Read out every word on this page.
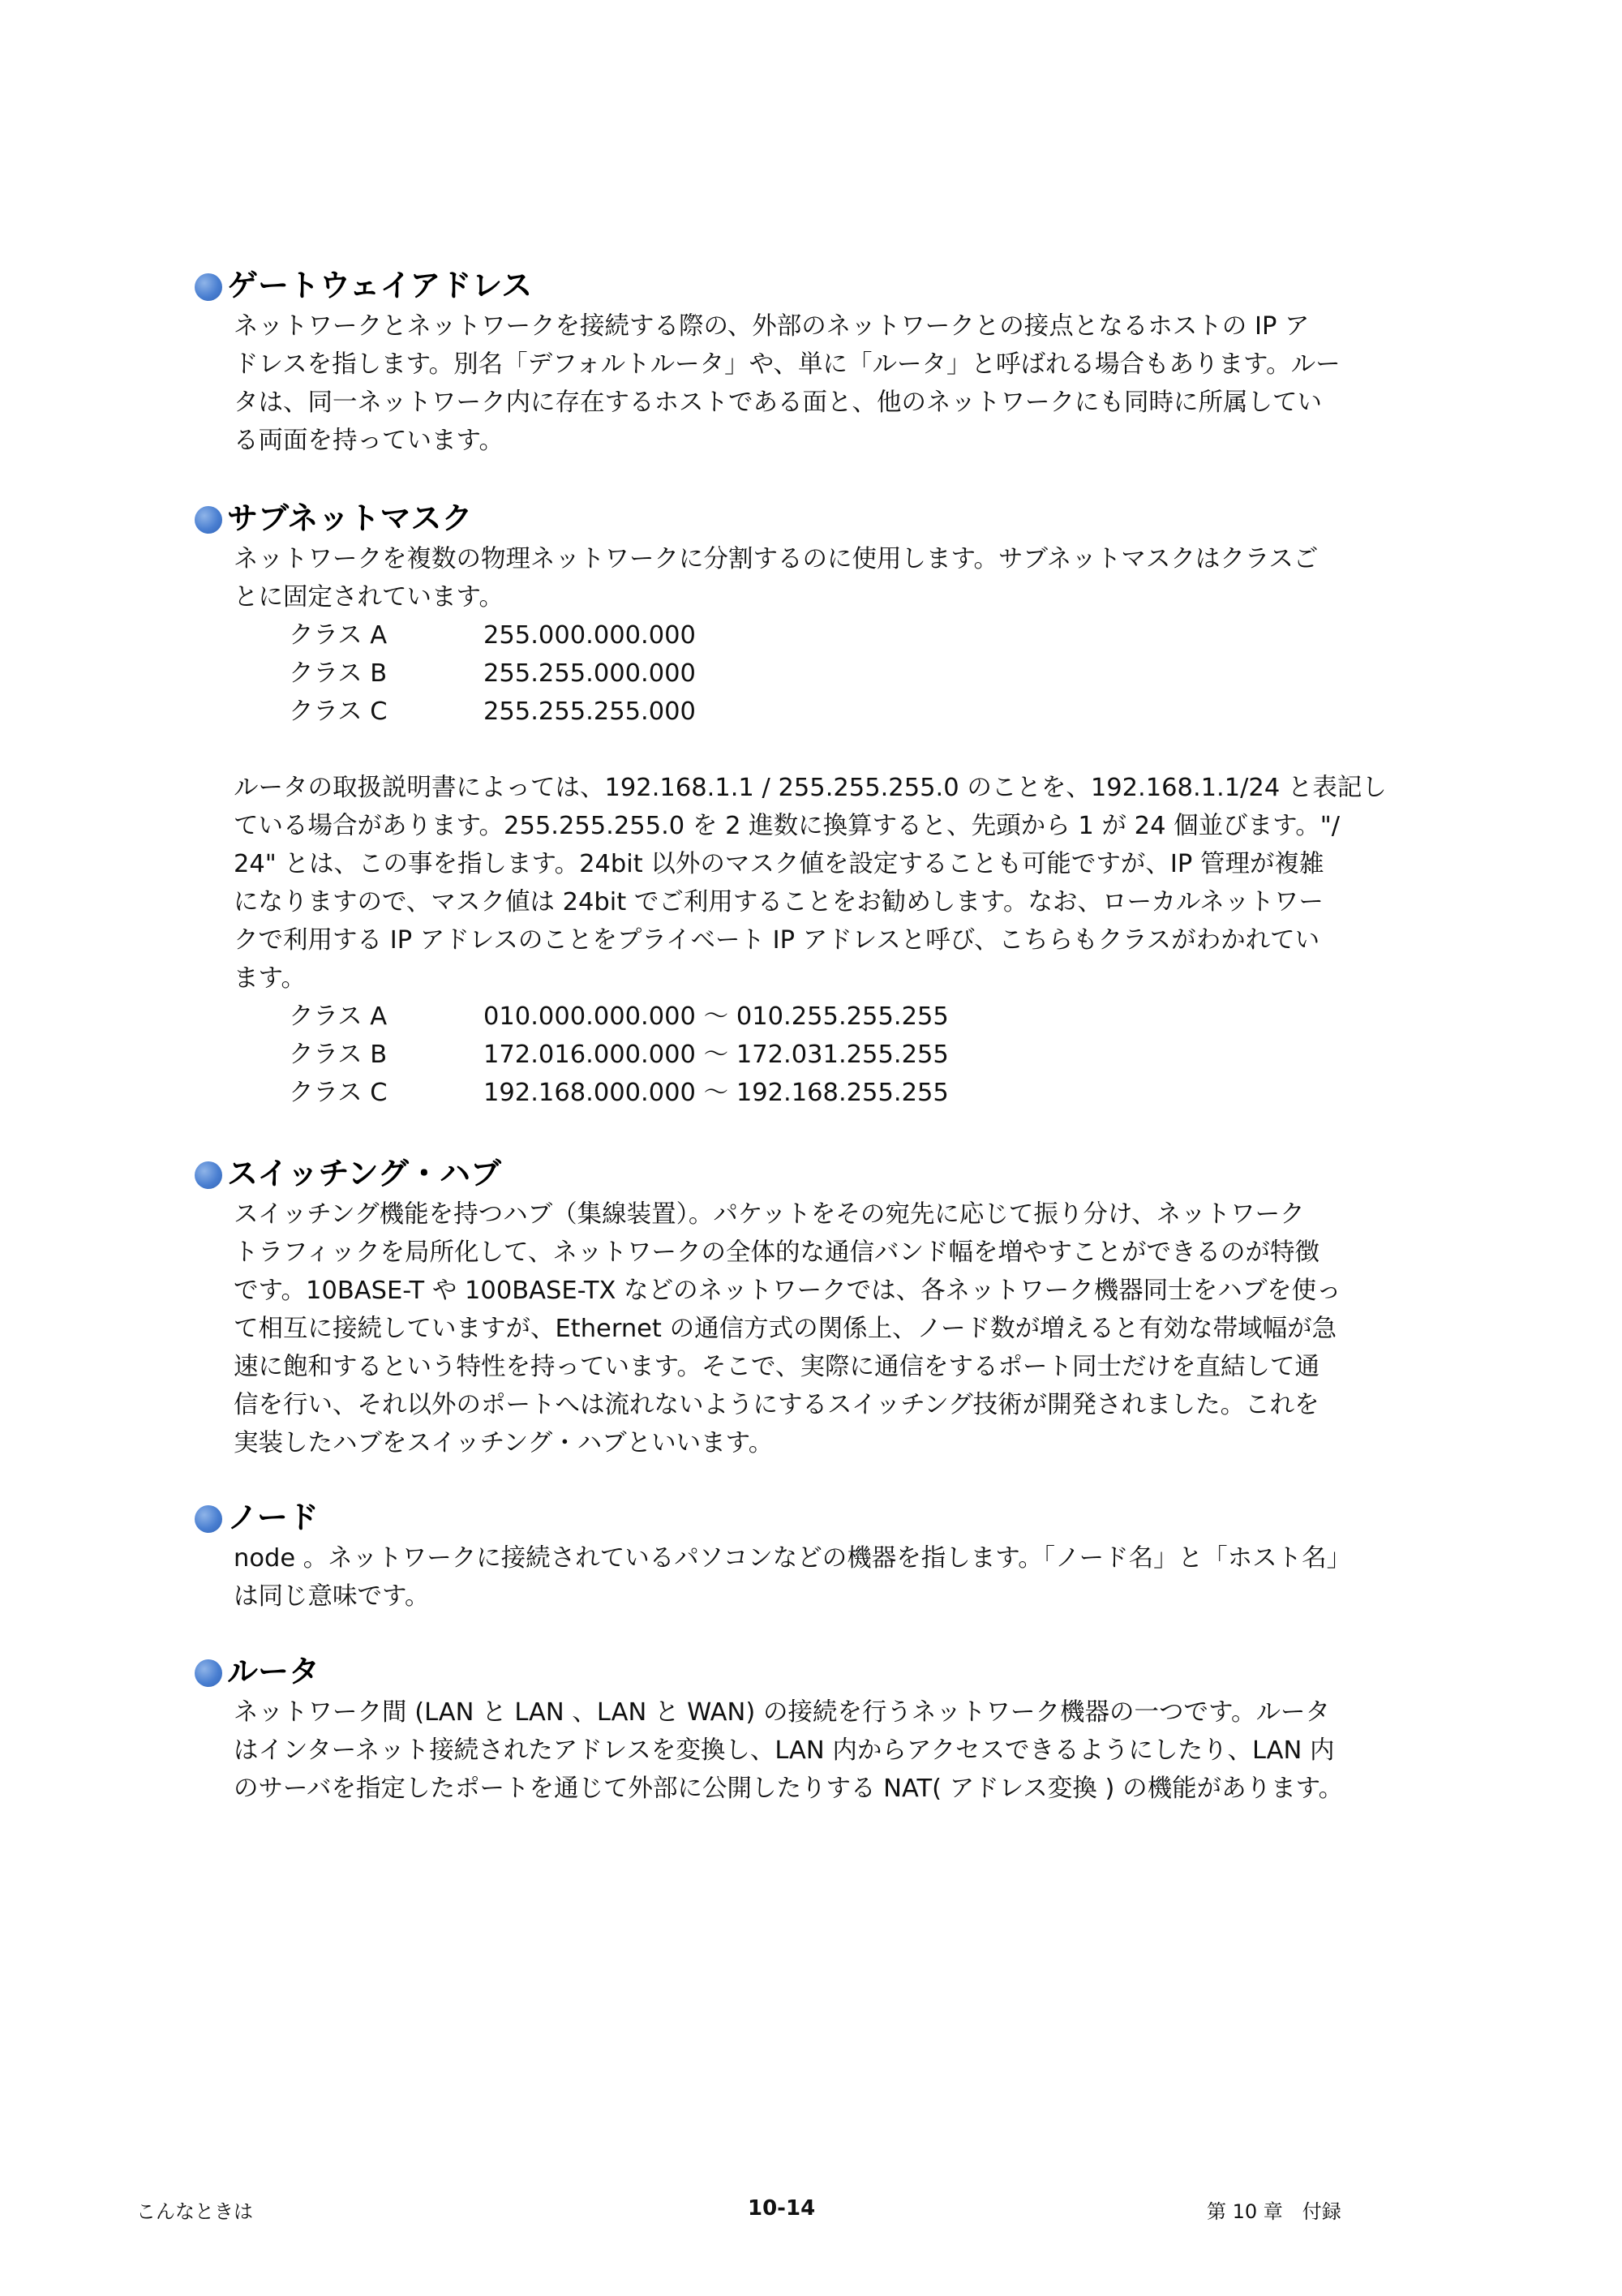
ゲートウェイアドレス
ネットワークとネットワークを接続する際の、外部のネットワークとの接点となるホストの IP ア
ドレスを指します。別名「デフォルトルータ」や、単に「ルータ」と呼ばれる場合もあります。ルー
タは、同一ネットワーク内に存在するホストである面と、他のネットワークにも同時に所属してい
る両面を持っています。
サブネットマスク
ネットワークを複数の物理ネットワークに分割するのに使用します。サブネットマスクはクラスご
とに固定されています。
クラス A	255.000.000.000
クラス B	255.255.000.000
クラス C	255.255.255.000
ルータの取扱説明書によっては、192.168.1.1 / 255.255.255.0 のことを、192.168.1.1/24 と表記し
ている場合があります。255.255.255.0 を 2 進数に換算すると、先頭から 1 が 24 個並びます。"/
24" とは、この事を指します。24bit 以外のマスク値を設定することも可能ですが、IP 管理が複雑
になりますので、マスク値は 24bit でご利用することをお勧めします。なお、ローカルネットワー
クで利用する IP アドレスのことをプライベート IP アドレスと呼び、こちらもクラスがわかれてい
ます。
クラス A	010.000.000.000 ～ 010.255.255.255
クラス B	172.016.000.000 ～ 172.031.255.255
クラス C	192.168.000.000 ～ 192.168.255.255
スイッチング・ハブ
スイッチング機能を持つハブ（集線装置）。パケットをその宛先に応じて振り分け、ネットワーク
トラフィックを局所化して、ネットワークの全体的な通信バンド幅を増やすことができるのが特徴
です。10BASE-T や 100BASE-TX などのネットワークでは、各ネットワーク機器同士をハブを使っ
て相互に接続していますが、Ethernet の通信方式の関係上、ノード数が増えると有効な帯域幅が急
速に飽和するという特性を持っています。そこで、実際に通信をするポート同士だけを直結して通
信を行い、それ以外のポートへは流れないようにするスイッチング技術が開発されました。これを
実装したハブをスイッチング・ハブといいます。
ノード
node 。ネットワークに接続されているパソコンなどの機器を指します。「ノード名」と「ホスト名」
は同じ意味です。
ルータ
ネットワーク間 (LAN と LAN 、LAN と WAN) の接続を行うネットワーク機器の一つです。ルータ
はインターネット接続されたアドレスを変換し、LAN 内からアクセスできるようにしたり、LAN 内
のサーバを指定したポートを通じて外部に公開したりする NAT( アドレス変換 ) の機能があります。
こんなときは	10-14	第 10 章　付録
